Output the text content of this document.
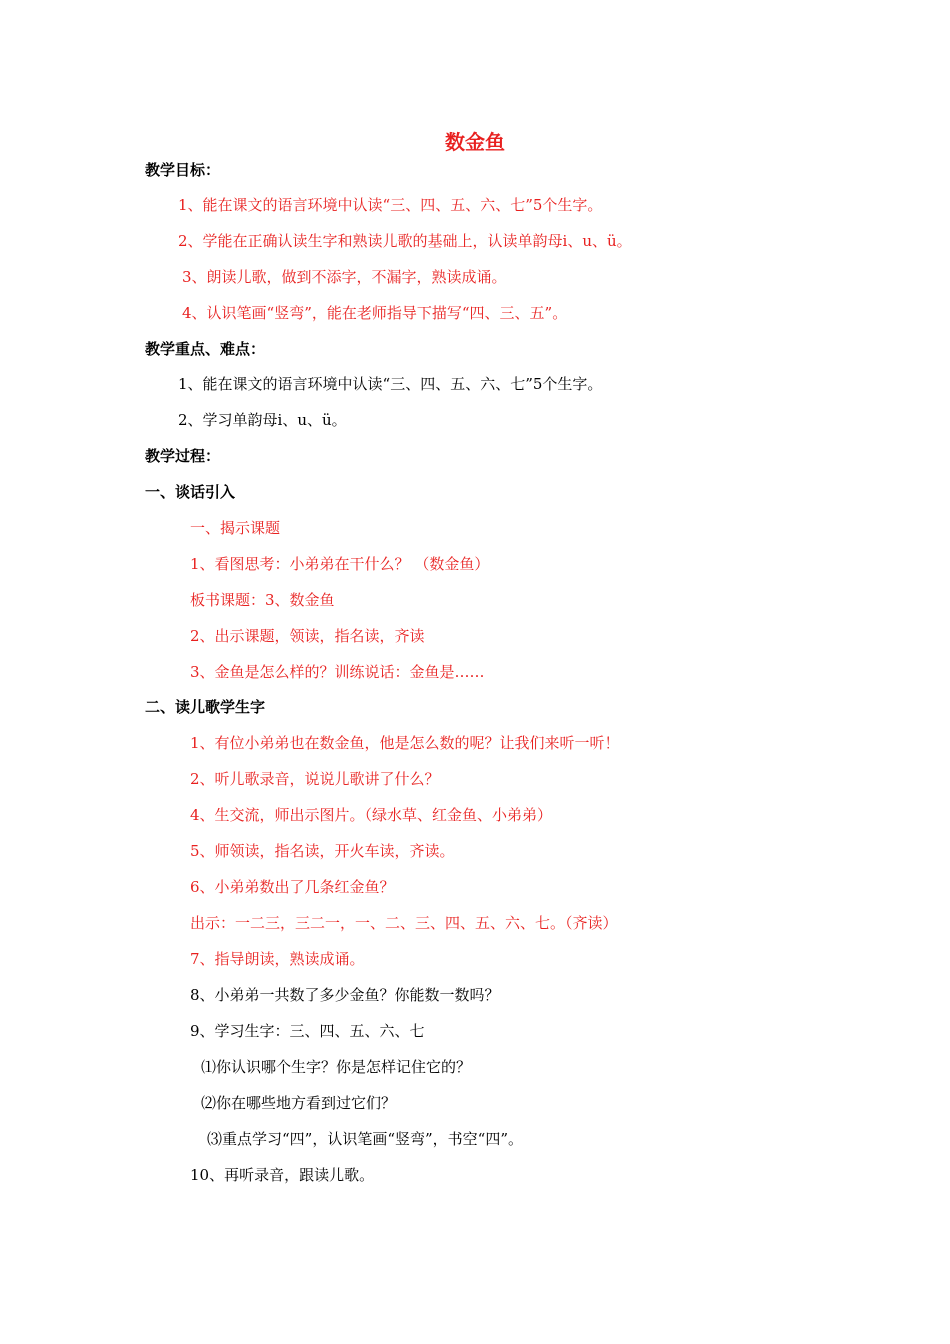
数金鱼
教学目标：
1、能在课文的语言环境中认读“三、四、五、六、七”5个生字。
2、学能在正确认读生字和熟读儿歌的基础上，认读单韵母i、u、ü。
3、朗读儿歌，做到不添字，不漏字，熟读成诵。
4、认识笔画“竖弯”，能在老师指导下描写“四、三、五”。
教学重点、难点：
1、能在课文的语言环境中认读“三、四、五、六、七”5个生字。
2、学习单韵母i、u、ü。
教学过程：
一、谈话引入
一、揭示课题
1、看图思考：小弟弟在干什么？ （数金鱼）
板书课题：3、数金鱼
2、出示课题，领读，指名读，齐读
3、金鱼是怎么样的？训练说话：金鱼是……
二、读儿歌学生字
1、有位小弟弟也在数金鱼，他是怎么数的呢？让我们来听一听！
2、听儿歌录音，说说儿歌讲了什么？
4、生交流，师出示图片。（绿水草、红金鱼、小弟弟）
5、师领读，指名读，开火车读，齐读。
6、小弟弟数出了几条红金鱼？
出示：一二三，三二一，一、二、三、四、五、六、七。（齐读）
7、指导朗读，熟读成诵。
8、小弟弟一共数了多少金鱼？你能数一数吗？
9、学习生字：三、四、五、六、七
⑴你认识哪个生字？你是怎样记住它的？
⑵你在哪些地方看到过它们？
⑶重点学习“四”，认识笔画“竖弯”，书空“四”。
10、再听录音，跟读儿歌。
